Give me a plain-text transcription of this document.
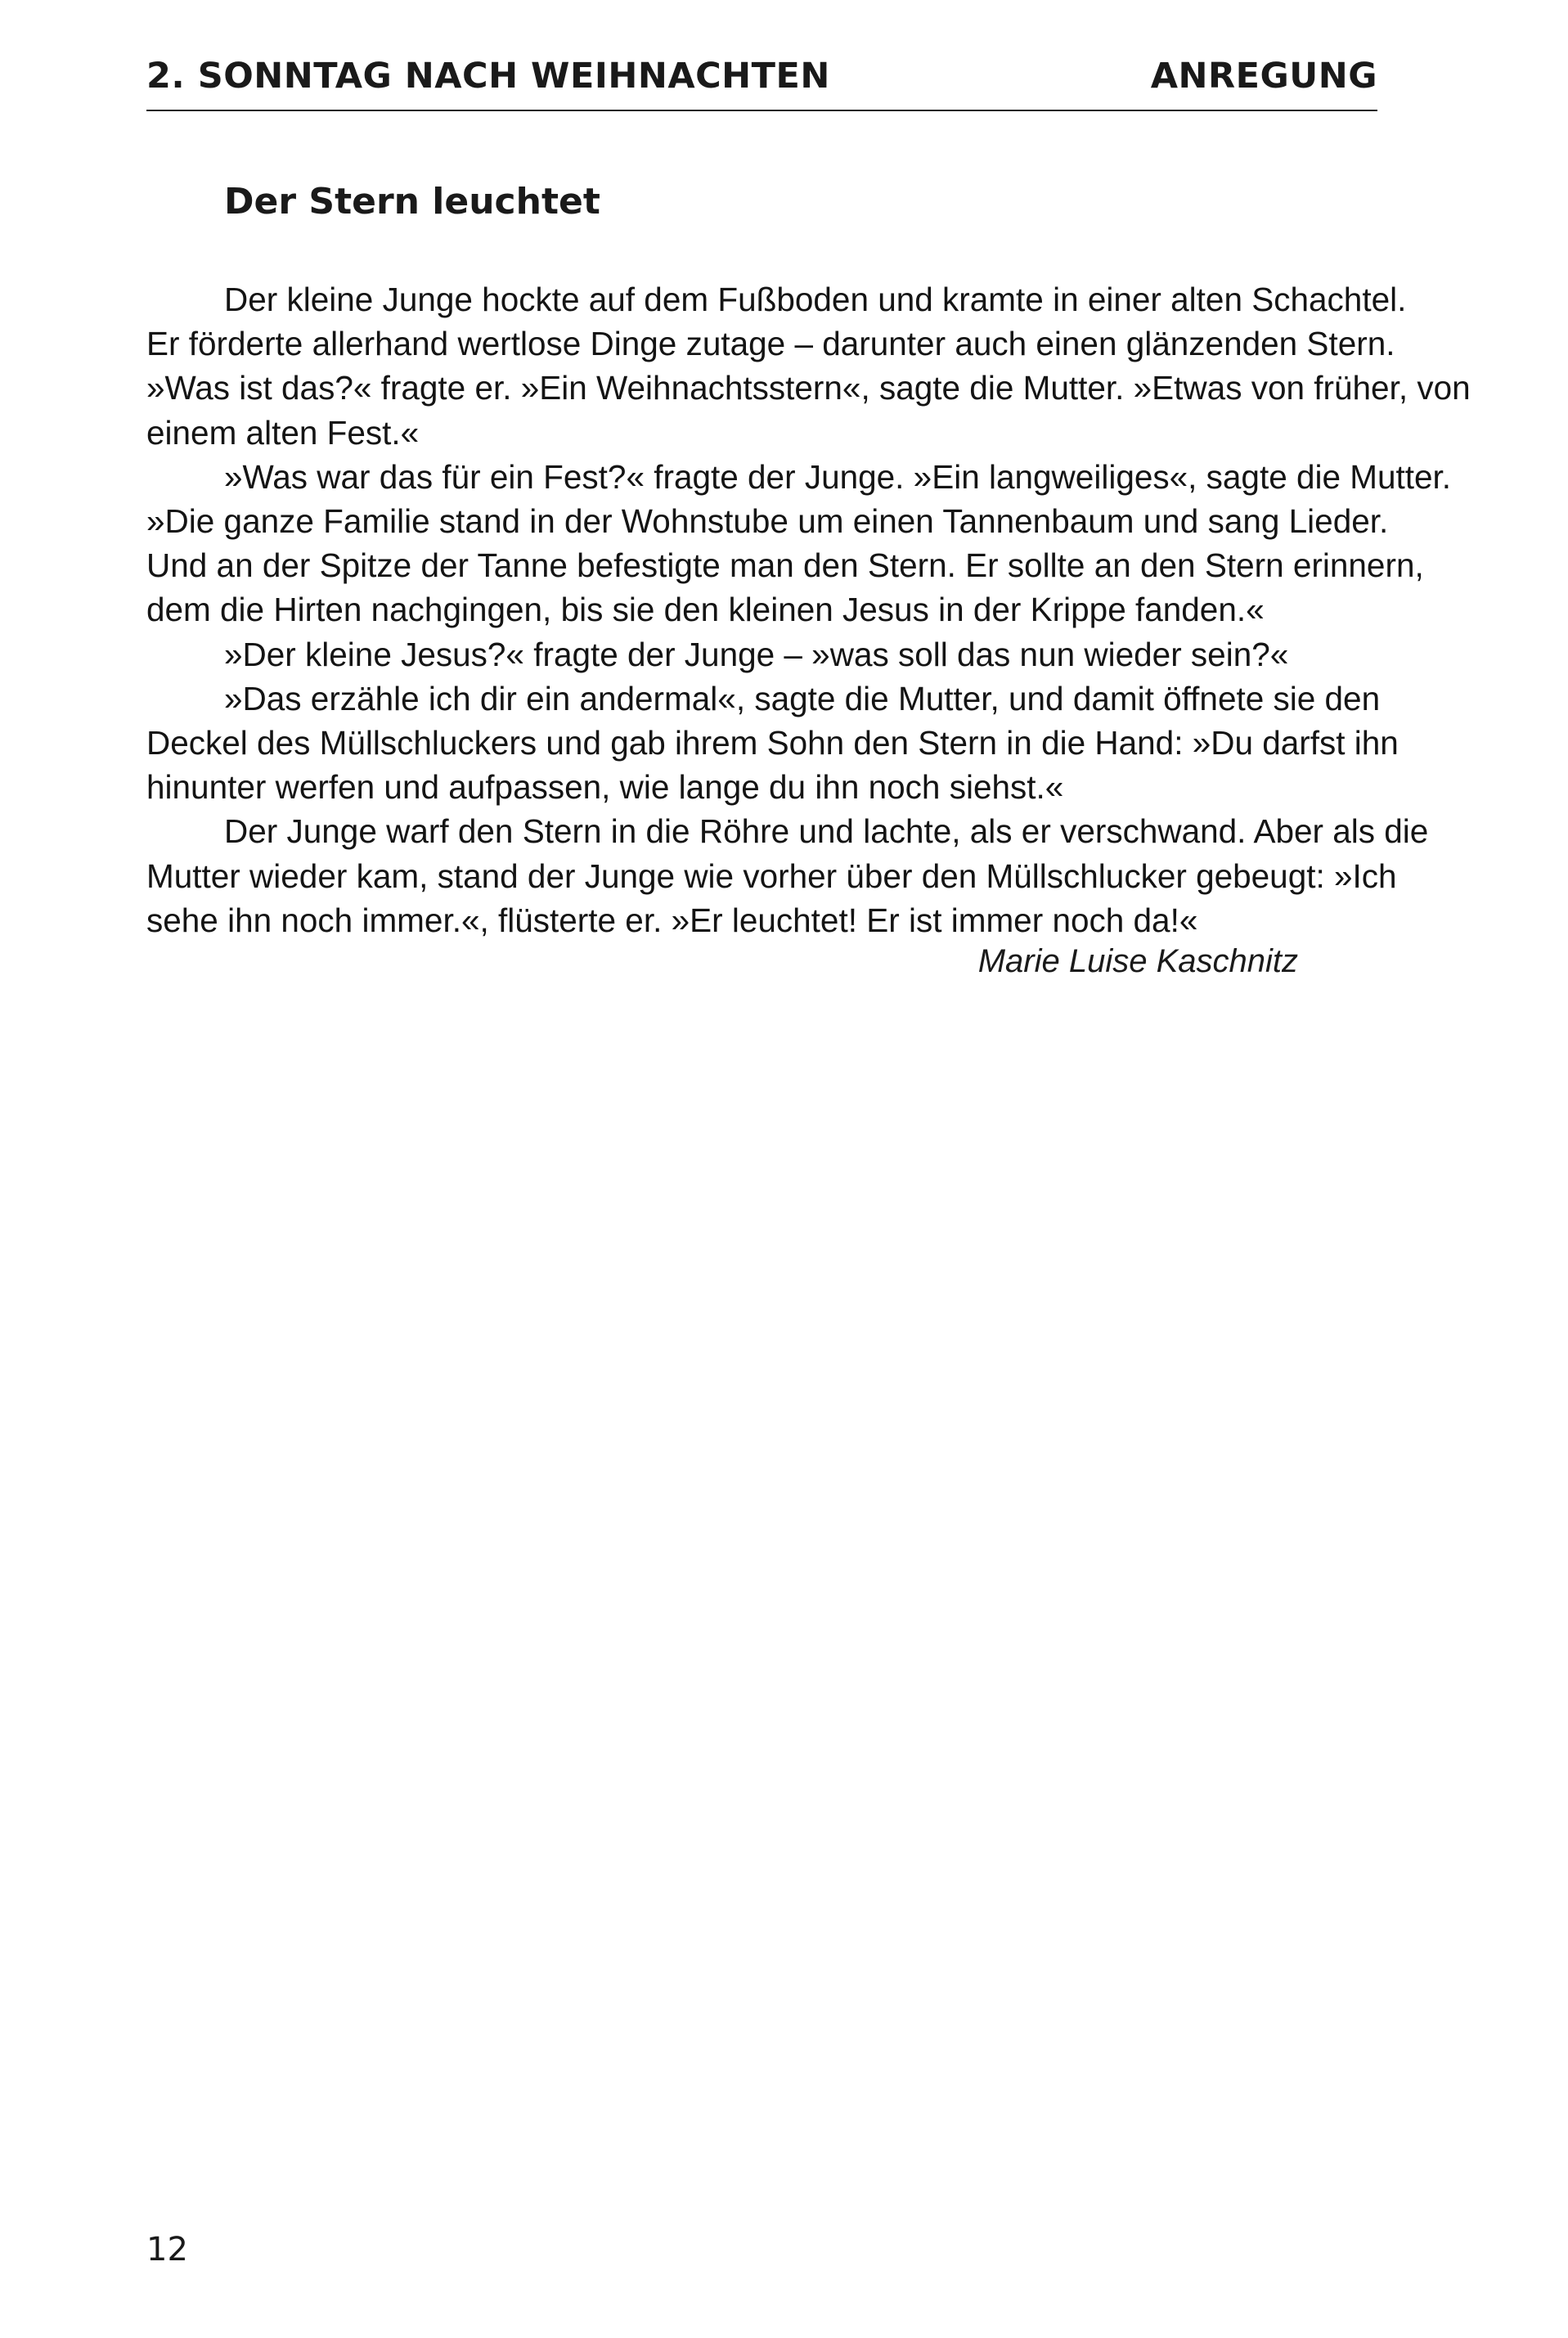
2. SONNTAG NACH WEIHNACHTEN	ANREGUNG
Der Stern leuchtet
Der kleine Junge hockte auf dem Fußboden und kramte in einer alten Schachtel.
Er förderte allerhand wertlose Dinge zutage – darunter auch einen glänzenden Stern.
»Was ist das?« fragte er. »Ein Weihnachtsstern«, sagte die Mutter. »Etwas von früher, von
einem alten Fest.«
»Was war das für ein Fest?« fragte der Junge. »Ein langweiliges«, sagte die Mutter.
»Die ganze Familie stand in der Wohnstube um einen Tannenbaum und sang Lieder.
Und an der Spitze der Tanne befestigte man den Stern. Er sollte an den Stern erinnern,
dem die Hirten nachgingen, bis sie den kleinen Jesus in der Krippe fanden.«
»Der kleine Jesus?« fragte der Junge – »was soll das nun wieder sein?«
»Das erzähle ich dir ein andermal«, sagte die Mutter, und damit öffnete sie den
Deckel des Müllschluckers und gab ihrem Sohn den Stern in die Hand: »Du darfst ihn
hinunter werfen und aufpassen, wie lange du ihn noch siehst.«
Der Junge warf den Stern in die Röhre und lachte, als er verschwand. Aber als die
Mutter wieder kam, stand der Junge wie vorher über den Müllschlucker gebeugt: »Ich
sehe ihn noch immer.«, flüsterte er. »Er leuchtet! Er ist immer noch da!«
Marie Luise Kaschnitz
12
